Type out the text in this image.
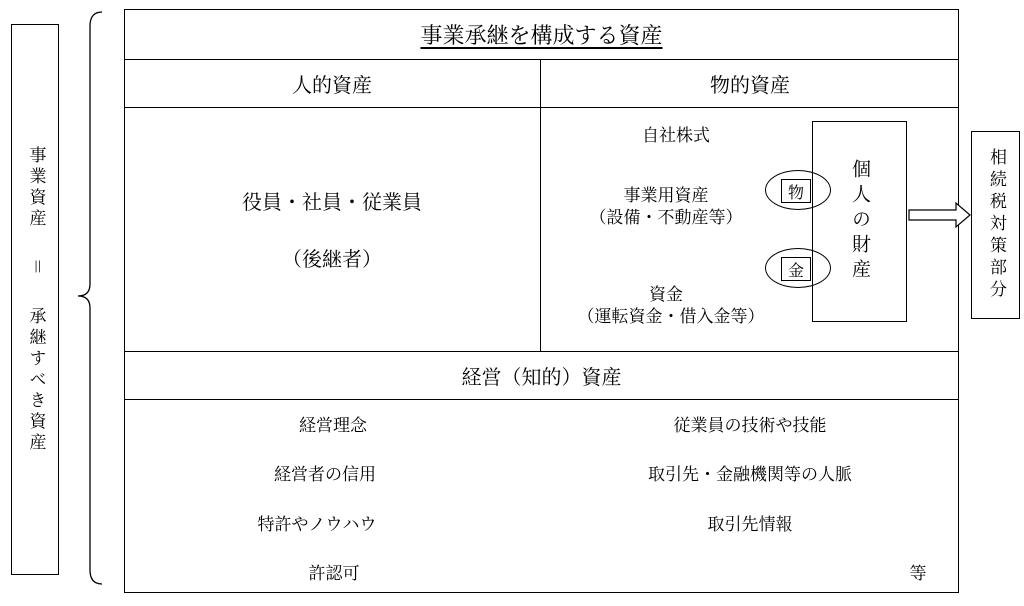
事業資産
＝
承継すべき資産
事業承継を構成する資産
人的資産	物的資産
役員・社員・従業員
（後継者）
自社株式
事業用資産
（設備・不動産等）
資金
（運転資金・借入金等）
物
金	個人の財産	相続税対策部分
経営（知的）資産
経営理念
経営者の信用
特許やノウハウ
許認可
従業員の技術や技能
取引先・金融機関等の人脈
取引先情報
等
